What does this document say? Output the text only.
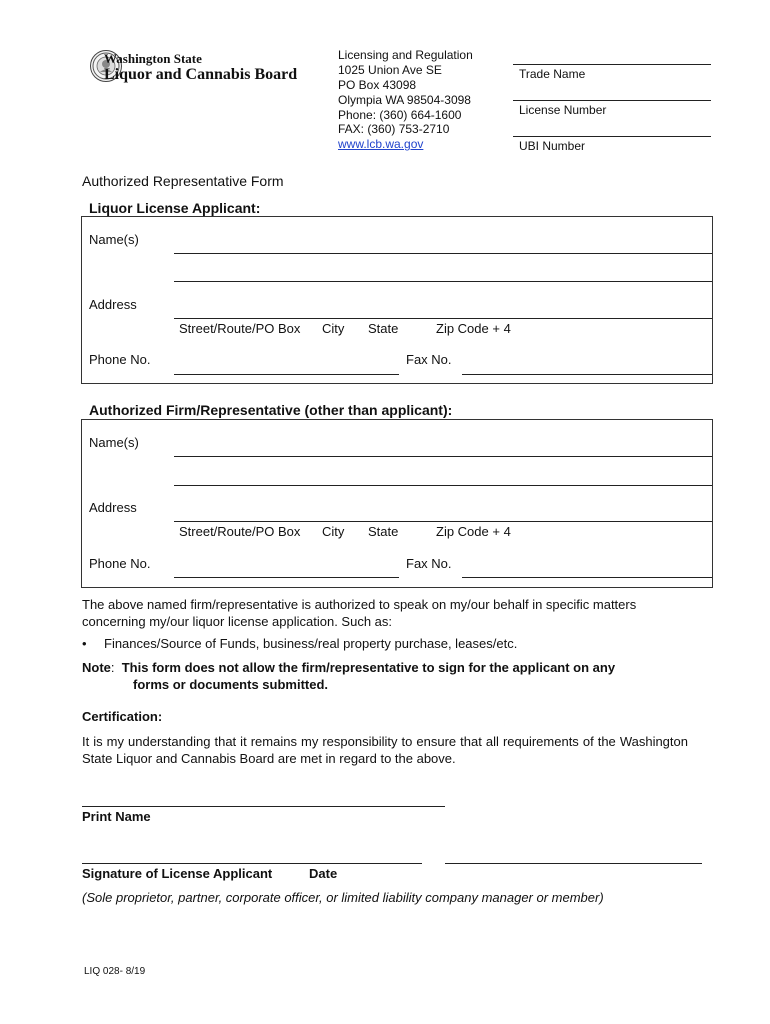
Washington State
Liquor and Cannabis Board
Licensing and Regulation
1025 Union Ave SE
PO Box 43098
Olympia WA 98504-3098
Phone: (360) 664-1600
FAX: (360) 753-2710
www.lcb.wa.gov
Trade Name
License Number
UBI Number
Authorized Representative Form
Liquor License Applicant:
Name(s)
Address
Street/Route/PO Box City State	Zip Code + 4
Phone No.	Fax No.
Authorized Firm/Representative (other than applicant):
Name(s)
Address
Street/Route/PO Box City State	Zip Code + 4
Phone No.	Fax No.
The above named firm/representative is authorized to speak on my/our behalf in specific matters concerning my/our liquor license application. Such as:
• Finances/Source of Funds, business/real property purchase, leases/etc.
Note:  This form does not allow the firm/representative to sign for the applicant on any
forms or documents submitted.
Certification:
It is my understanding that it remains my responsibility to ensure that all requirements of the Washington State Liquor and Cannabis Board are met in regard to the above.
Print Name
Signature of License Applicant	Date
(Sole proprietor, partner, corporate officer, or limited liability company manager or member)
LIQ 028- 8/19
